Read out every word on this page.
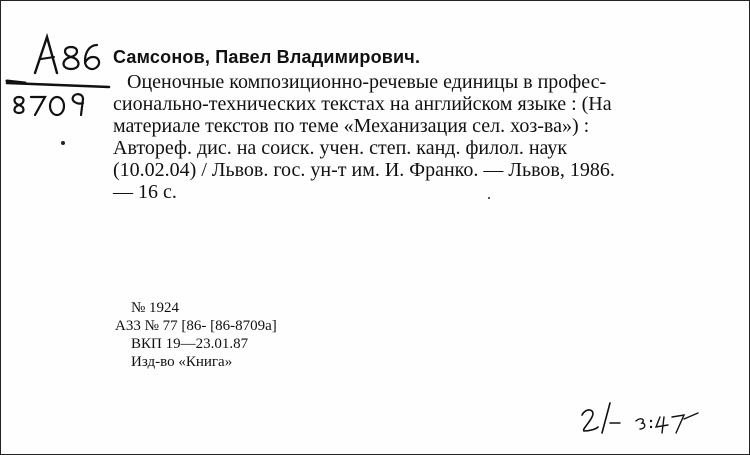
Самсонов, Павел Владимирович.
Оценочные композиционно-речевые единицы в профес-
сионально-технических текстах на английском языке : (На
материале текстов по теме «Механизация сел. хоз-ва») :
Автореф. дис. на соиск. учен. степ. канд. филол. наук
(10.02.04) / Львов. гос. ун-т им. И. Франко. — Львов, 1986.
— 16 с.
№ 1924
А33 № 77 [86- [86-8709а]
ВКП 19—23.01.87
Изд-во «Книга»
